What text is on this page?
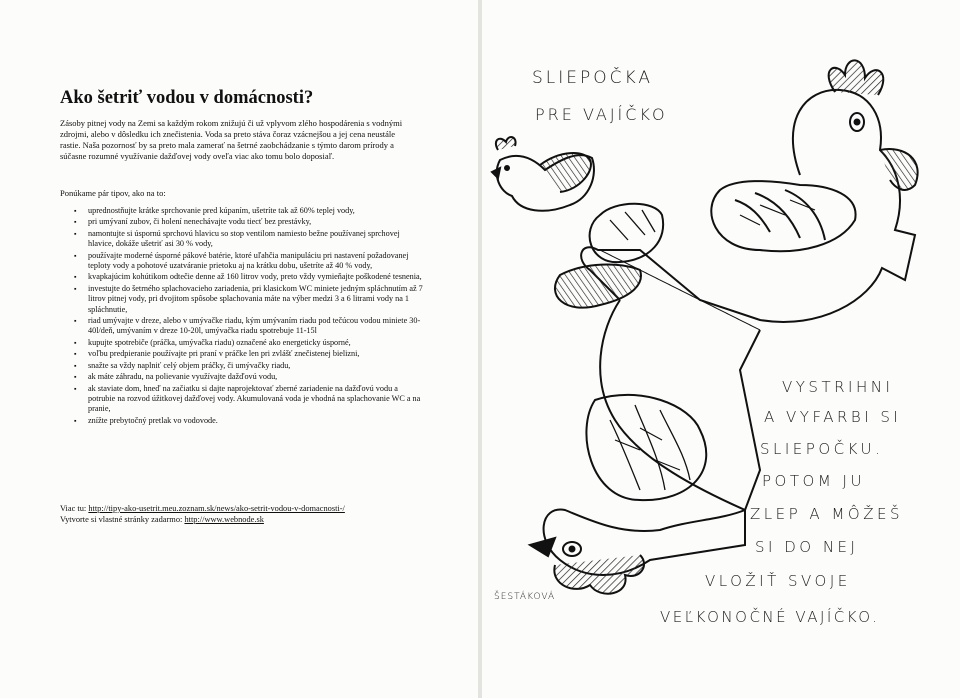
Ako šetriť vodou v domácnosti?
Zásoby pitnej vody na Zemi sa každým rokom znižujú či už vplyvom zlého hospodárenia s vodnými zdrojmi, alebo v dôsledku ich znečistenia. Voda sa preto stáva čoraz vzácnejšou a jej cena neustále rastie. Naša pozornosť by sa preto mala zamerať na šetrné zaobchádzanie s týmto darom prírody a súčasne rozumné využívanie dažďovej vody oveľa viac ako tomu bolo doposiaľ.
Ponúkame pár tipov, ako na to:
▪ uprednostňujte krátke sprchovanie pred kúpaním, ušetríte tak až 60% teplej vody,
▪ pri umývaní zubov, či holení nenechávajte vodu tiecť bez prestávky,
▪ namontujte si úspornú sprchovú hlavicu so stop ventilom namiesto bežne používanej sprchovej hlavice, dokáže ušetriť asi 30 % vody,
▪ používajte moderné úsporné pákové batérie, ktoré uľahčia manipuláciu pri nastavení požadovanej teploty vody a pohotové uzatváranie prietoku aj na krátku dobu, ušetríte až 40 % vody,
▪ kvapkajúcim kohútikom odtečie denne až 160 litrov vody, preto vždy vymieňajte poškodené tesnenia,
▪ investujte do šetrného splachovacieho zariadenia, pri klasickom WC miniete jedným spláchnutím až 7 litrov pitnej vody, pri dvojitom spôsobe splachovania máte na výber medzi 3 a 6 litrami vody na 1 spláchnutie,
▪ riad umývajte v dreze, alebo v umývačke riadu, kým umývaním riadu pod tečúcou vodou miniete 30-40l/deň, umývaním v dreze 10-20l, umývačka riadu spotrebuje 11-15l
▪ kupujte spotrebiče (práčka, umývačka riadu) označené ako energeticky úsporné,
▪ voľbu predpieranie používajte pri praní v práčke len pri zvlášť znečistenej bielizni,
▪ snažte sa vždy naplniť celý objem práčky, či umývačky riadu,
▪ ak máte záhradu, na polievanie využívajte dažďovú vodu,
▪ ak staviate dom, hneď na začiatku si dajte naprojektovať zberné zariadenie na dažďovú vodu a potrubie na rozvod úžitkovej dažďovej vody. Akumulovaná voda je vhodná na splachovanie WC a na pranie,
▪ znížte prebytočný pretlak vo vodovode.
Viac tu: http://tipy-ako-usetrit.meu.zoznam.sk/news/ako-setrit-vodou-v-domacnosti-/
Vytvorte si vlastné stránky zadarmo: http://www.webnode.sk
SLIEPOČKA
PRE VAJÍČKO
VYSTRIHNI
A VYFARBI SI
SLIEPOČKU.
POTOM JU
ZLEP A MÔŽEŠ
SI DO NEJ
VLOŽIŤ SVOJE
VEĽKONOČNÉ VAJÍČKO.
ŠESTÁKOVÁ
